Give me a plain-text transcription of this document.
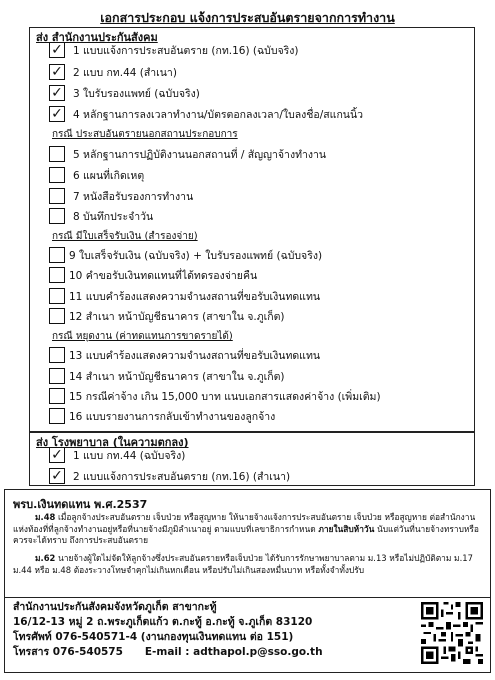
เอกสารประกอบ แจ้งการประสบอันตรายจากการทำงาน
ส่ง สำนักงานประกันสังคม
✓ 1 แบบแจ้งการประสบอันตราย (กท.16) (ฉบับจริง)
✓ 2 แบบ กท.44 (สำเนา)
✓ 3 ใบรับรองแพทย์ (ฉบับจริง)
✓ 4 หลักฐานการลงเวลาทำงาน/บัตรตอกลงเวลา/ใบลงชื่อ/สแกนนิ้ว
กรณี ประสบอันตรายนอกสถานประกอบการ
5 หลักฐานการปฏิบัติงานนอกสถานที่ / สัญญาจ้างทำงาน
6 แผนที่เกิดเหตุ
7 หนังสือรับรองการทำงาน
8 บันทึกประจำวัน
กรณี มีใบเสร็จรับเงิน (สำรองจ่าย)
9 ใบเสร็จรับเงิน (ฉบับจริง) + ใบรับรองแพทย์ (ฉบับจริง)
10 คำขอรับเงินทดแทนที่ได้ทดรองจ่ายคืน
11 แบบคำร้องแสดงความจำนงสถานที่ขอรับเงินทดแทน
12 สำเนา หน้าบัญชีธนาคาร (สาขาใน จ.ภูเก็ต)
กรณี หยุดงาน (ค่าทดแทนการขาดรายได้)
13 แบบคำร้องแสดงความจำนงสถานที่ขอรับเงินทดแทน
14 สำเนา หน้าบัญชีธนาคาร (สาขาใน จ.ภูเก็ต)
15 กรณีค่าจ้าง เกิน 15,000 บาท แนบเอกสารแสดงค่าจ้าง (เพิ่มเติม)
16 แบบรายงานการกลับเข้าทำงานของลูกจ้าง
ส่ง โรงพยาบาล (ในความตกลง)
✓ 1 แบบ กท.44 (ฉบับจริง)
✓ 2 แบบแจ้งการประสบอันตราย (กท.16) (สำเนา)
พรบ.เงินทดแทน พ.ศ.2537
ม.48 เมื่อลูกจ้างประสบอันตราย เจ็บป่วย หรือสูญหาย ให้นายจ้างแจ้งการประสบอันตราย เจ็บป่วย หรือสูญหาย ต่อสำนักงานแห่งท้องที่ที่ลูกจ้างทำงานอยู่หรือที่นายจ้างมีภูมิลำเนาอยู่ ตามแบบที่เลขาธิการกำหนด ภายในสิบห้าวัน นับแต่วันที่นายจ้างทราบหรือควรจะได้ทราบ ถึงการประสบอันตราย
ม.62 นายจ้างผู้ใดไม่จัดให้ลูกจ้างซึ่งประสบอันตรายหรือเจ็บป่วย ได้รับการรักษาพยาบาลตาม ม.13 หรือไม่ปฏิบัติตาม ม.17 ม.44 หรือ ม.48 ต้องระวางโทษจำคุกไม่เกินหกเดือน หรือปรับไม่เกินสองหมื่นบาท หรือทั้งจำทั้งปรับ
สำนักงานประกันสังคมจังหวัดภูเก็ต สาขากะทู้
16/12-13 หมู่ 2 ถ.พระภูเก็ตแก้ว ต.กะทู้ อ.กะทู้ จ.ภูเก็ต 83120
โทรศัพท์ 076-540571-4 (งานกองทุนเงินทดแทน ต่อ 151)
โทรสาร 076-540575      E-mail : adthapol.p@sso.go.th
